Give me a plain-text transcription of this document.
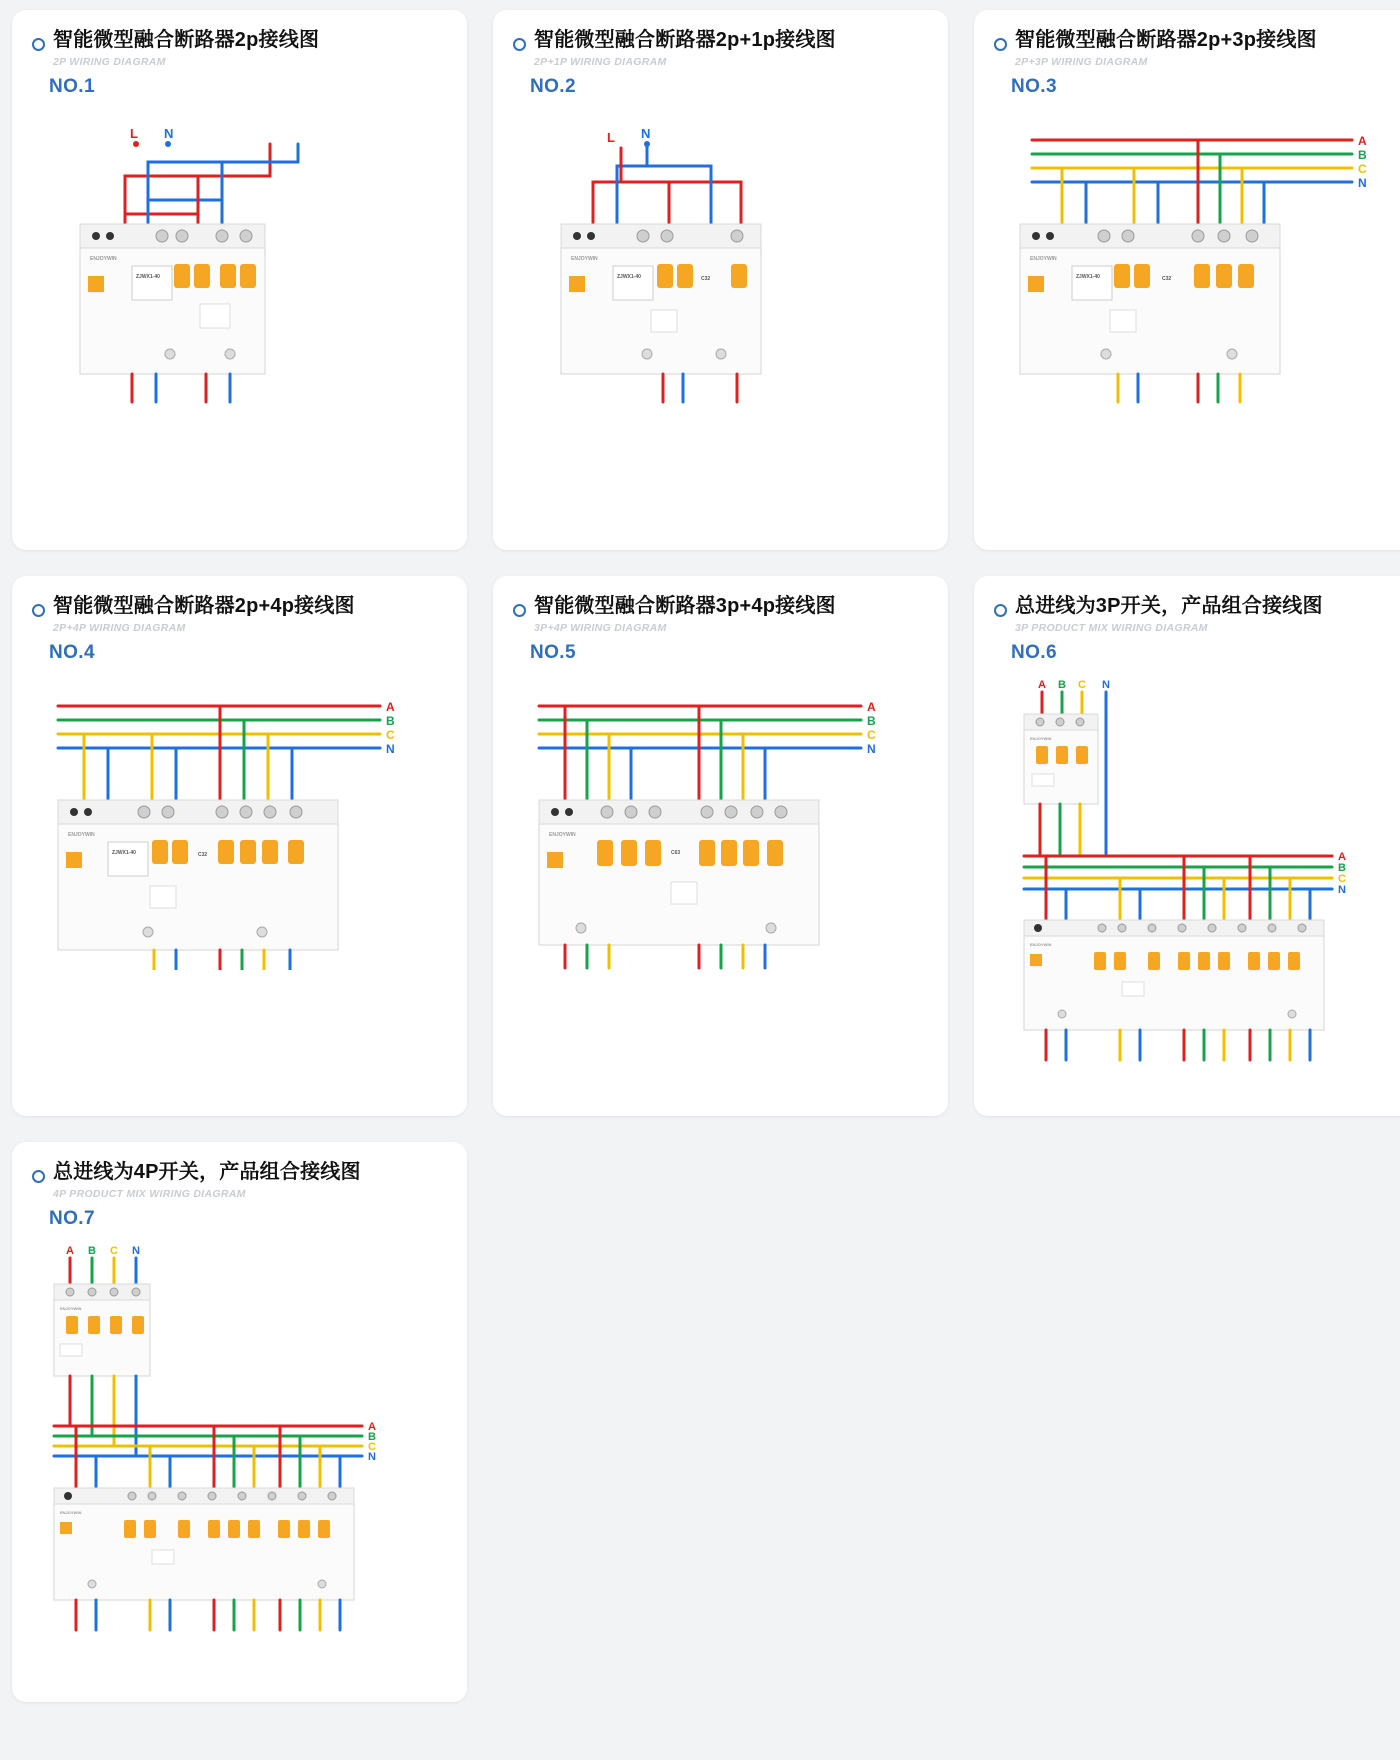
智能微型融合断路器2p接线图
2P WIRING DIAGRAM
NO.1
L N
ENJOYWIN
ZJWX1-40
智能微型融合断路器2p+1p接线图
2P+1P WIRING DIAGRAM
NO.2
L N
ENJOYWIN
ZJWX1-40	C32
智能微型融合断路器2p+3p接线图
2P+3P WIRING DIAGRAM
NO.3
A
B
C
N
ENJOYWIN
ZJWX1-40	C32
智能微型融合断路器2p+4p接线图
2P+4P WIRING DIAGRAM
NO.4
A
B
C
N
ENJOYWIN
ZJWX1-40	C32
智能微型融合断路器3p+4p接线图
3P+4P WIRING DIAGRAM
NO.5
A
B
C
N
ENJOYWIN
C63
总进线为3P开关，产品组合接线图
3P PRODUCT MIX WIRING DIAGRAM
NO.6
A B C N
ENJOYWIN
A
B
C
N
ENJOYWIN
总进线为4P开关，产品组合接线图
4P PRODUCT MIX WIRING DIAGRAM
NO.7
A B C N
ENJOYWIN
A
B
C
N
ENJOYWIN
